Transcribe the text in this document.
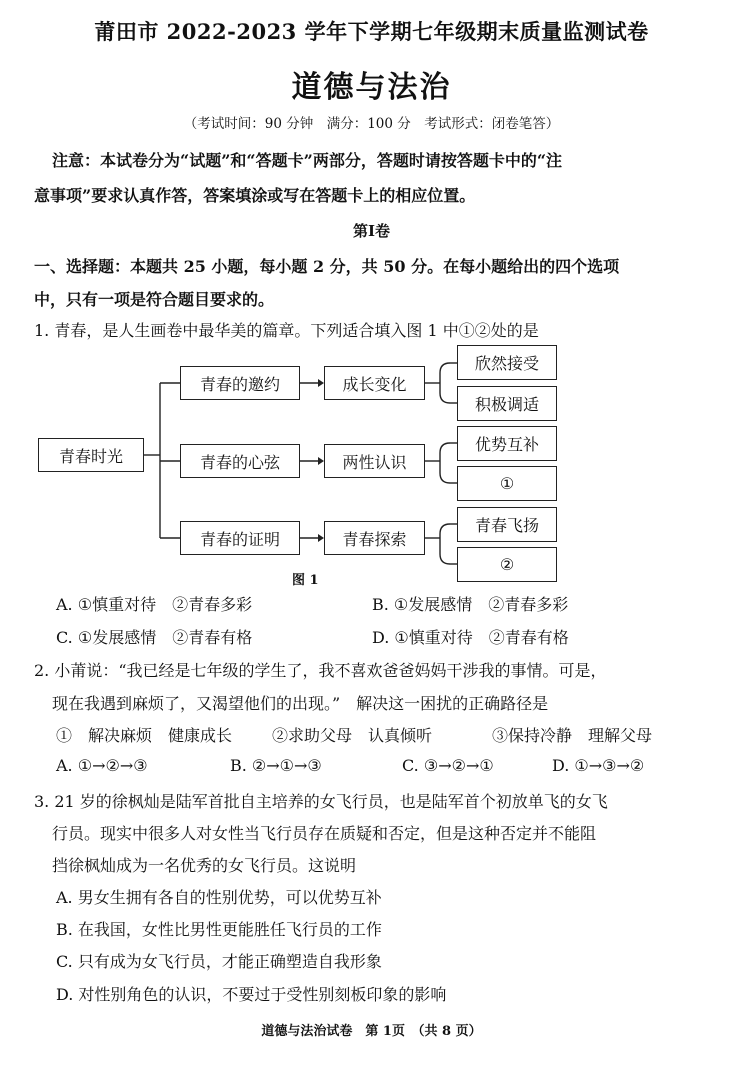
莆田市 2022-2023 学年下学期七年级期末质量监测试卷
道德与法治
（考试时间：90 分钟　满分：100 分　考试形式：闭卷笔答）
注意：本试卷分为“试题”和“答题卡”两部分，答题时请按答题卡中的“注
意事项”要求认真作答，答案填涂或写在答题卡上的相应位置。
第Ⅰ卷
一、选择题：本题共 25 小题，每小题 2 分，共 50 分。在每小题给出的四个选项
中，只有一项是符合题目要求的。
1. 青春，是人生画卷中最华美的篇章。下列适合填入图 1 中①②处的是
青春时光
青春的邀约
青春的心弦
青春的证明
成长变化
两性认识
青春探索
欣然接受
积极调适
优势互补
①
青春飞扬
②
图 1
A. ①慎重对待　②青春多彩	B. ①发展感情　②青春多彩
C. ①发展感情　②青春有格	D. ①慎重对待　②青春有格
2. 小莆说：“我已经是七年级的学生了，我不喜欢爸爸妈妈干涉我的事情。可是，
现在我遇到麻烦了，又渴望他们的出现。”　解决这一困扰的正确路径是
①　解决麻烦　健康成长 ②求助父母　认真倾听	③保持冷静　理解父母
A. ①→②→③	B. ②→①→③	C. ③→②→①	D. ①→③→②
3. 21 岁的徐枫灿是陆军首批自主培养的女飞行员，也是陆军首个初放单飞的女飞
行员。现实中很多人对女性当飞行员存在质疑和否定，但是这种否定并不能阻
挡徐枫灿成为一名优秀的女飞行员。这说明
A. 男女生拥有各自的性别优势，可以优势互补
B. 在我国，女性比男性更能胜任飞行员的工作
C. 只有成为女飞行员，才能正确塑造自我形象
D. 对性别角色的认识，不要过于受性别刻板印象的影响
道德与法治试卷　第 1页　（共 8 页）
